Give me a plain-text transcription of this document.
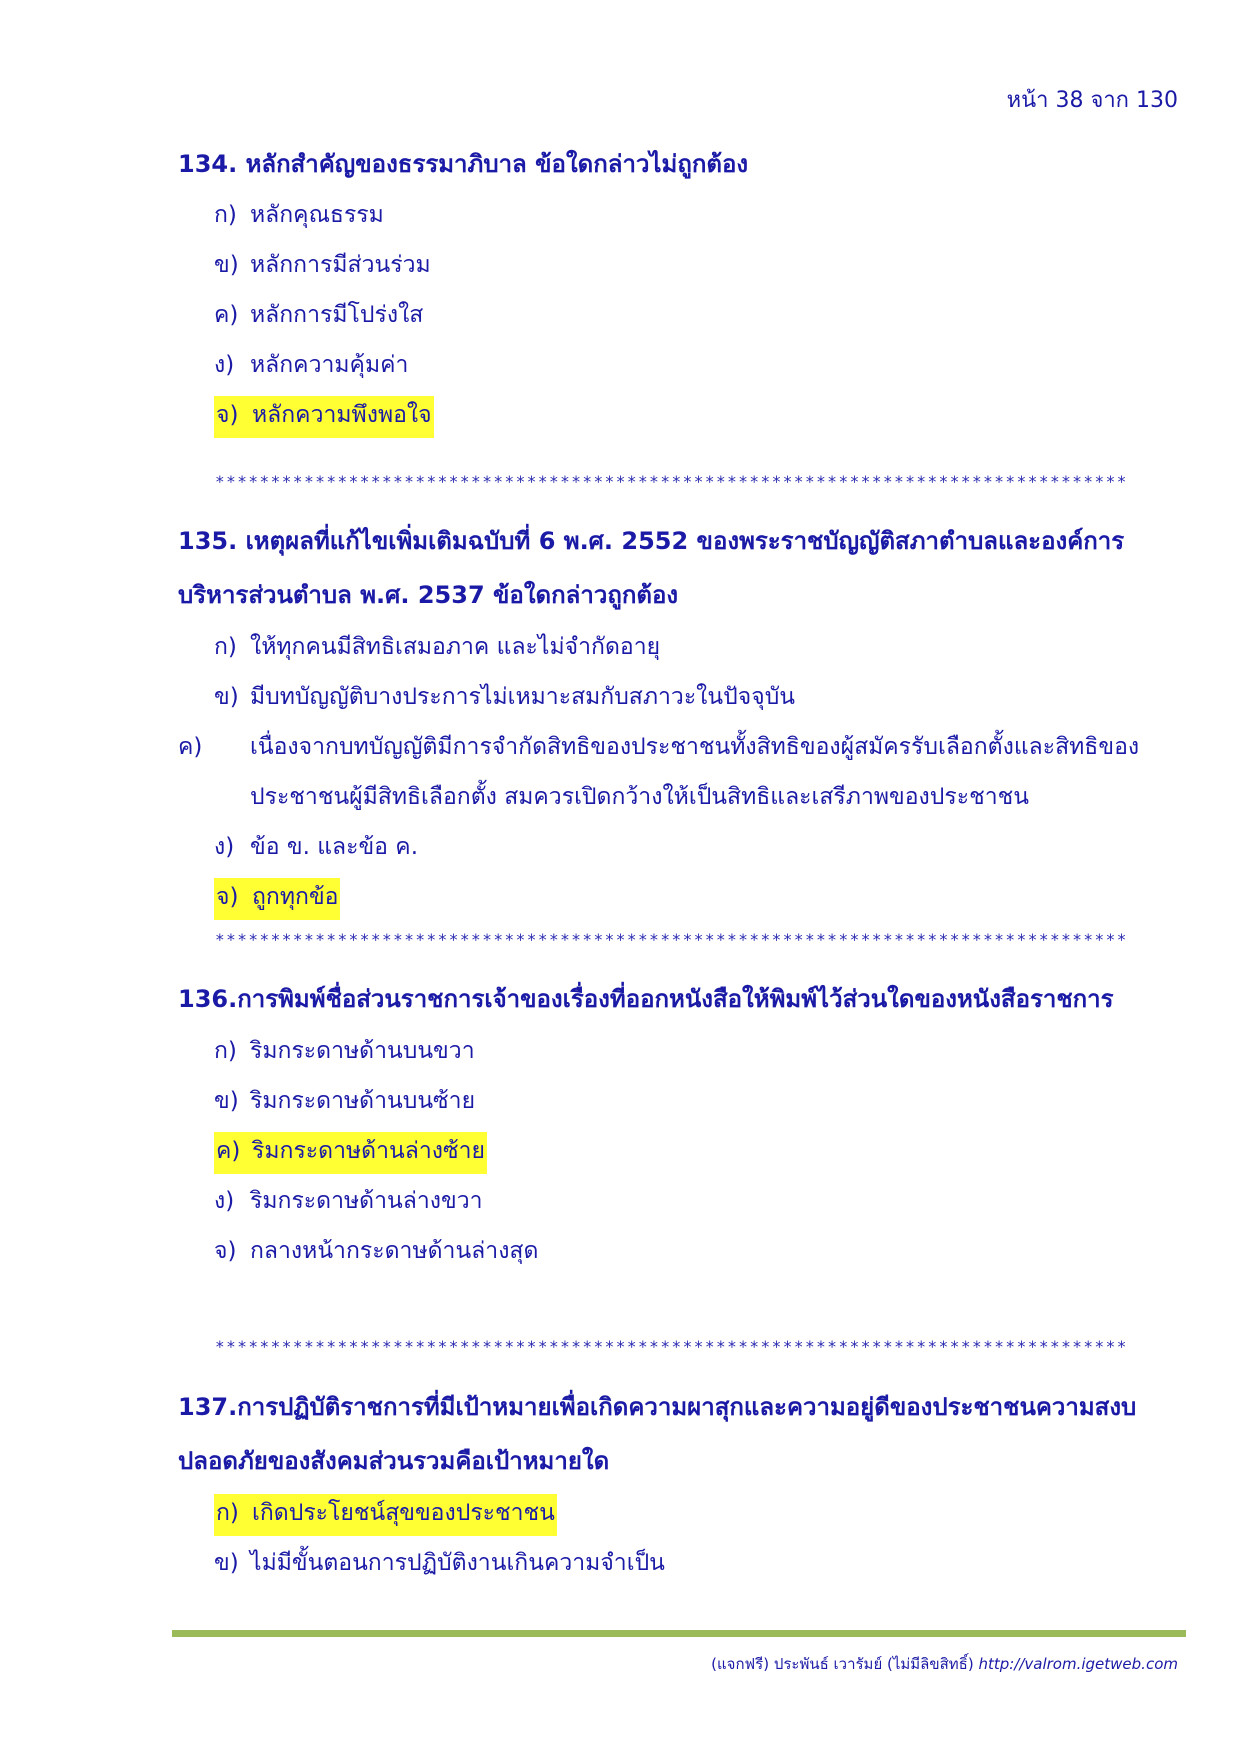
หน้า 38 จาก 130

134. หลักสำคัญของธรรมาภิบาล ข้อใดกล่าวไม่ถูกต้อง

ก) หลักคุณธรรม
ข) หลักการมีส่วนร่วม
ค) หลักการมีโปร่งใส
ง) หลักความคุ้มค่า
จ) หลักความพึงพอใจ
**********************************************************************************

135. เหตุผลที่แก้ไขเพิ่มเติมฉบับที่ 6 พ.ศ. 2552 ของพระราชบัญญัติสภาตำบลและองค์การบริหารส่วนตำบล พ.ศ. 2537 ข้อใดกล่าวถูกต้อง

ก) ให้ทุกคนมีสิทธิเสมอภาค และไม่จำกัดอายุ
ข) มีบทบัญญัติบางประการไม่เหมาะสมกับสภาวะในปัจจุบัน
ค) เนื่องจากบทบัญญัติมีการจำกัดสิทธิของประชาชนทั้งสิทธิของผู้สมัครรับเลือกตั้งและสิทธิของประชาชนผู้มีสิทธิเลือกตั้ง สมควรเปิดกว้างให้เป็นสิทธิและเสรีภาพของประชาชน
ง) ข้อ ข. และข้อ ค.
จ) ถูกทุกข้อ
**********************************************************************************

136.การพิมพ์ชื่อส่วนราชการเจ้าของเรื่องที่ออกหนังสือให้พิมพ์ไว้ส่วนใดของหนังสือราชการ

ก) ริมกระดาษด้านบนขวา
ข) ริมกระดาษด้านบนซ้าย
ค) ริมกระดาษด้านล่างซ้าย
ง) ริมกระดาษด้านล่างขวา
จ) กลางหน้ากระดาษด้านล่างสุด
**********************************************************************************

137.การปฏิบัติราชการที่มีเป้าหมายเพื่อเกิดความผาสุกและความอยู่ดีของประชาชนความสงบปลอดภัยของสังคมส่วนรวมคือเป้าหมายใด

ก) เกิดประโยชน์สุขของประชาชน
ข) ไม่มีขั้นตอนการปฏิบัติงานเกินความจำเป็น
(แจกฟรี) ประพันธ์ เวารัมย์ (ไม่มีลิขสิทธิ์) http://valrom.igetweb.com
